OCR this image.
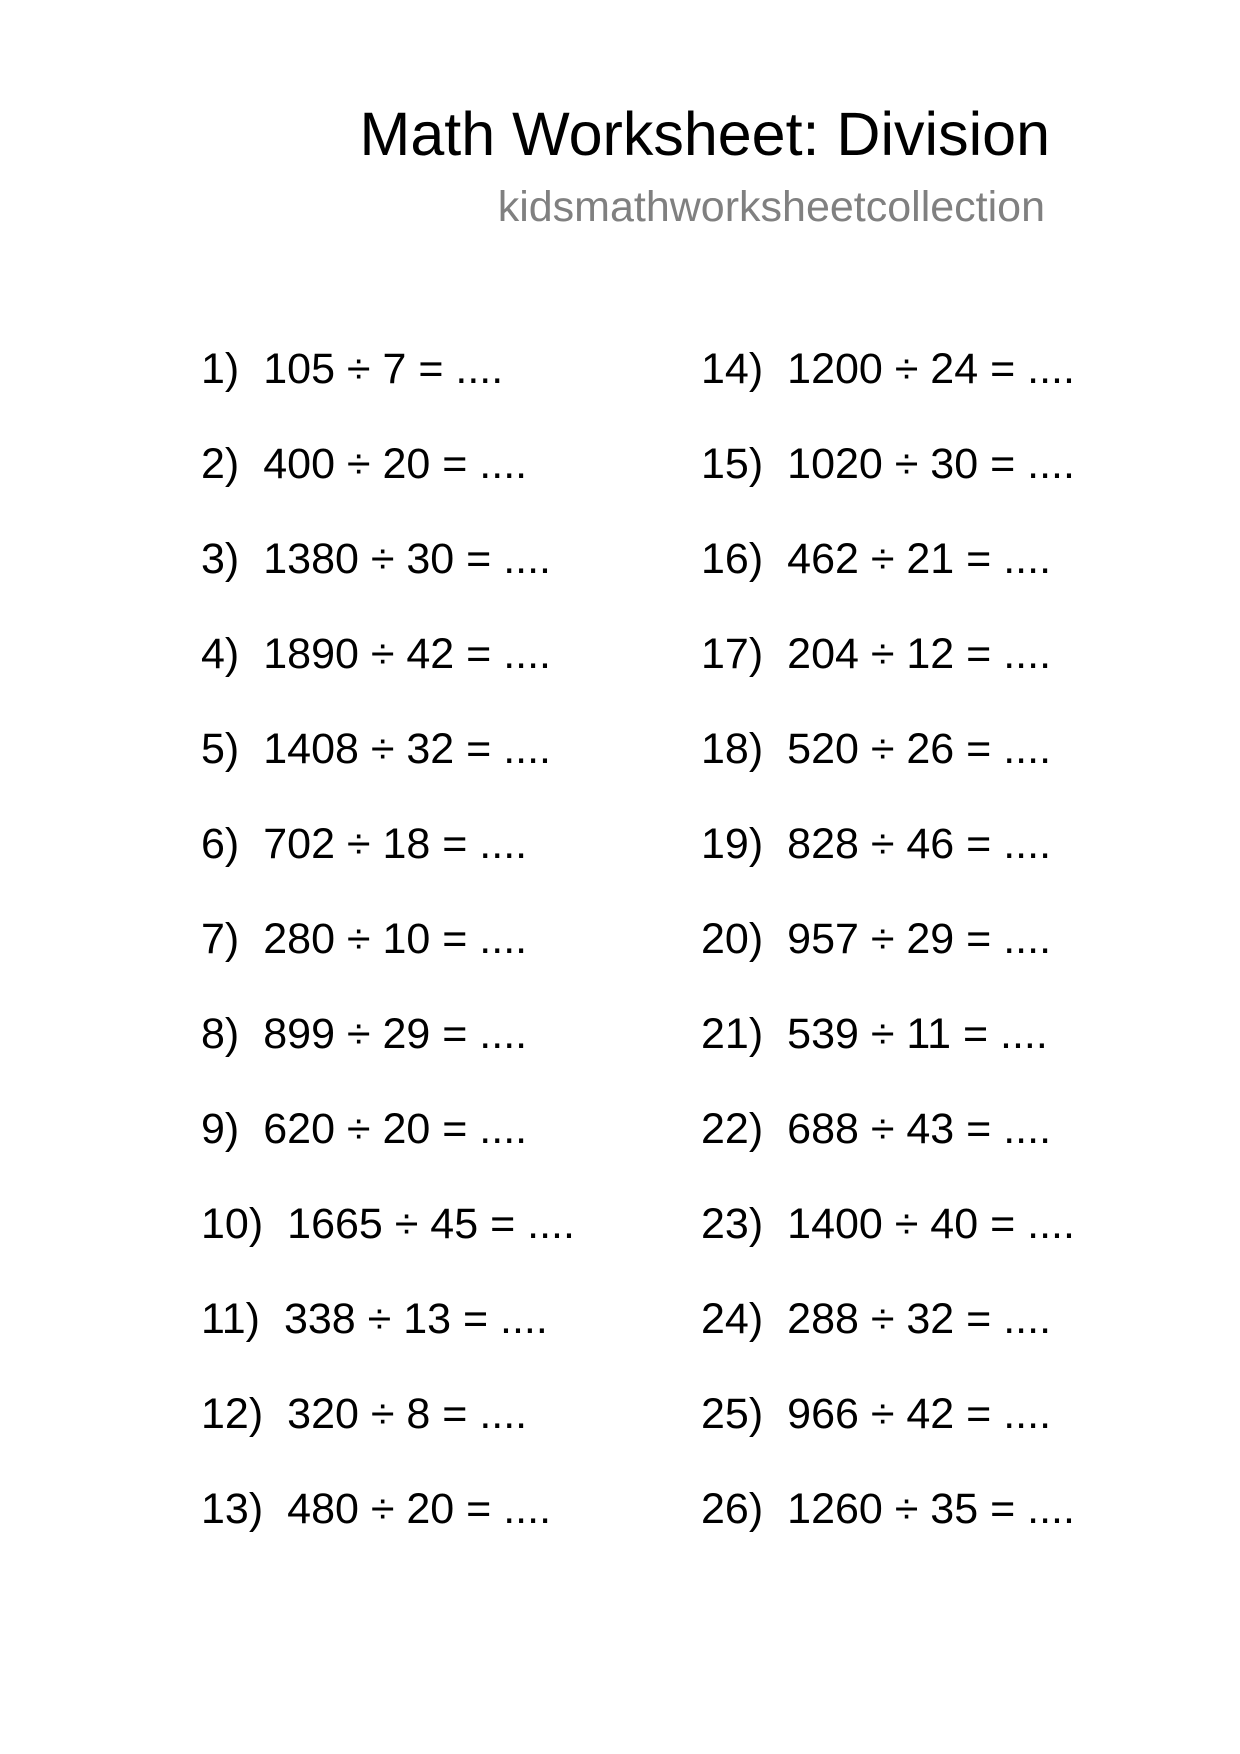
Math Worksheet: Division
kidsmathworksheetcollection
1) 105 ÷ 7 = ....
2) 400 ÷ 20 = ....
3) 1380 ÷ 30 = ....
4) 1890 ÷ 42 = ....
5) 1408 ÷ 32 = ....
6) 702 ÷ 18 = ....
7) 280 ÷ 10 = ....
8) 899 ÷ 29 = ....
9) 620 ÷ 20 = ....
10) 1665 ÷ 45 = ....
11) 338 ÷ 13 = ....
12) 320 ÷ 8 = ....
13) 480 ÷ 20 = ....
14) 1200 ÷ 24 = ....
15) 1020 ÷ 30 = ....
16) 462 ÷ 21 = ....
17) 204 ÷ 12 = ....
18) 520 ÷ 26 = ....
19) 828 ÷ 46 = ....
20) 957 ÷ 29 = ....
21) 539 ÷ 11 = ....
22) 688 ÷ 43 = ....
23) 1400 ÷ 40 = ....
24) 288 ÷ 32 = ....
25) 966 ÷ 42 = ....
26) 1260 ÷ 35 = ....
